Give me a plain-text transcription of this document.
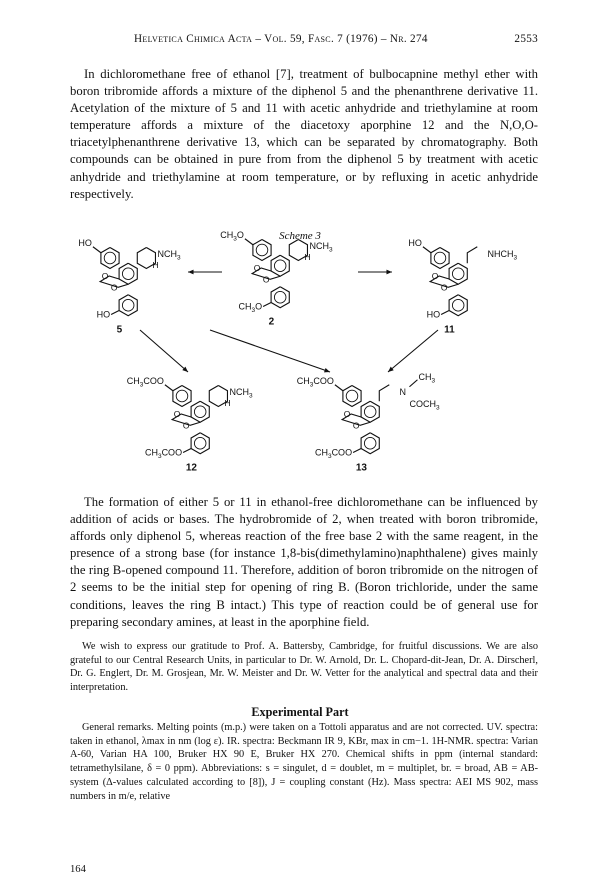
Helvetica Chimica Acta – Vol. 59, Fasc. 7 (1976) – Nr. 274	2553

In dichloromethane free of ethanol [7], treatment of bulbocapnine methyl ether with boron tribromide affords a mixture of the diphenol 5 and the phenanthrene derivative 11. Acetylation of the mixture of 5 and 11 with acetic anhydride and triethylamine at room temperature affords a mixture of the diacetoxy aporphine 12 and the N,O,O-triacetylphenanthrene derivative 13, which can be separated by chromatography. Both compounds can be obtained in pure from from the diphenol 5 by treatment with acetic anhydride and triethylamine at room temperature, or by refluxing in acetic anhydride respectively.

Scheme 3
O
O
HO
HO
$NCH_3$
H
5
O
O
$CH_3O$
$CH_3O$
$NCH_3$
H
2
O
O
HO
HO
$NHCH_3$
11
O
O
$CH_3COO$
$CH_3COO$
$NCH_3$
H
12
O
O
$CH_3COO$
$CH_3COO$
N
$CH_3$
$COCH_3$
13

The formation of either 5 or 11 in ethanol-free dichloromethane can be influenced by addition of acids or bases. The hydrobromide of 2, when treated with boron tribromide, affords only diphenol 5, whereas reaction of the free base 2 with the same reagent, in the presence of a strong base (for instance 1,8-bis(dimethylamino)naphthalene) gives mainly the ring B-opened compound 11. Therefore, addition of boron tribromide on the nitrogen of 2 seems to be the initial step for opening of ring B. (Boron trichloride, under the same conditions, leaves the ring B intact.) This type of reaction could be of general use for preparing secondary amines, at least in the aporphine field.

We wish to express our gratitude to Prof. A. Battersby, Cambridge, for fruitful discussions. We are also grateful to our Central Research Units, in particular to Dr. W. Arnold, Dr. L. Chopard-dit-Jean, Dr. A. Dirscherl, Dr. G. Englert, Dr. M. Grosjean, Mr. W. Meister and Dr. W. Vetter for the analytical and spectral data and their interpretation.

Experimental Part

General remarks. Melting points (m.p.) were taken on a Tottoli apparatus and are not corrected. UV. spectra: taken in ethanol, λmax in nm (log ε). IR. spectra: Beckmann IR 9, KBr, max in cm−1. 1H-NMR. spectra: Varian A-60, Varian HA 100, Bruker HX 90 E, Bruker HX 270. Chemical shifts in ppm (internal standard: tetramethylsilane, δ = 0 ppm). Abbreviations: s = singulet, d = doublet, m = multiplet, br. = broad, AB = AB-system (Δ-values calculated according to [8]), J = coupling constant (Hz). Mass spectra: AEI MS 902, mass numbers in m/e, relative

164
